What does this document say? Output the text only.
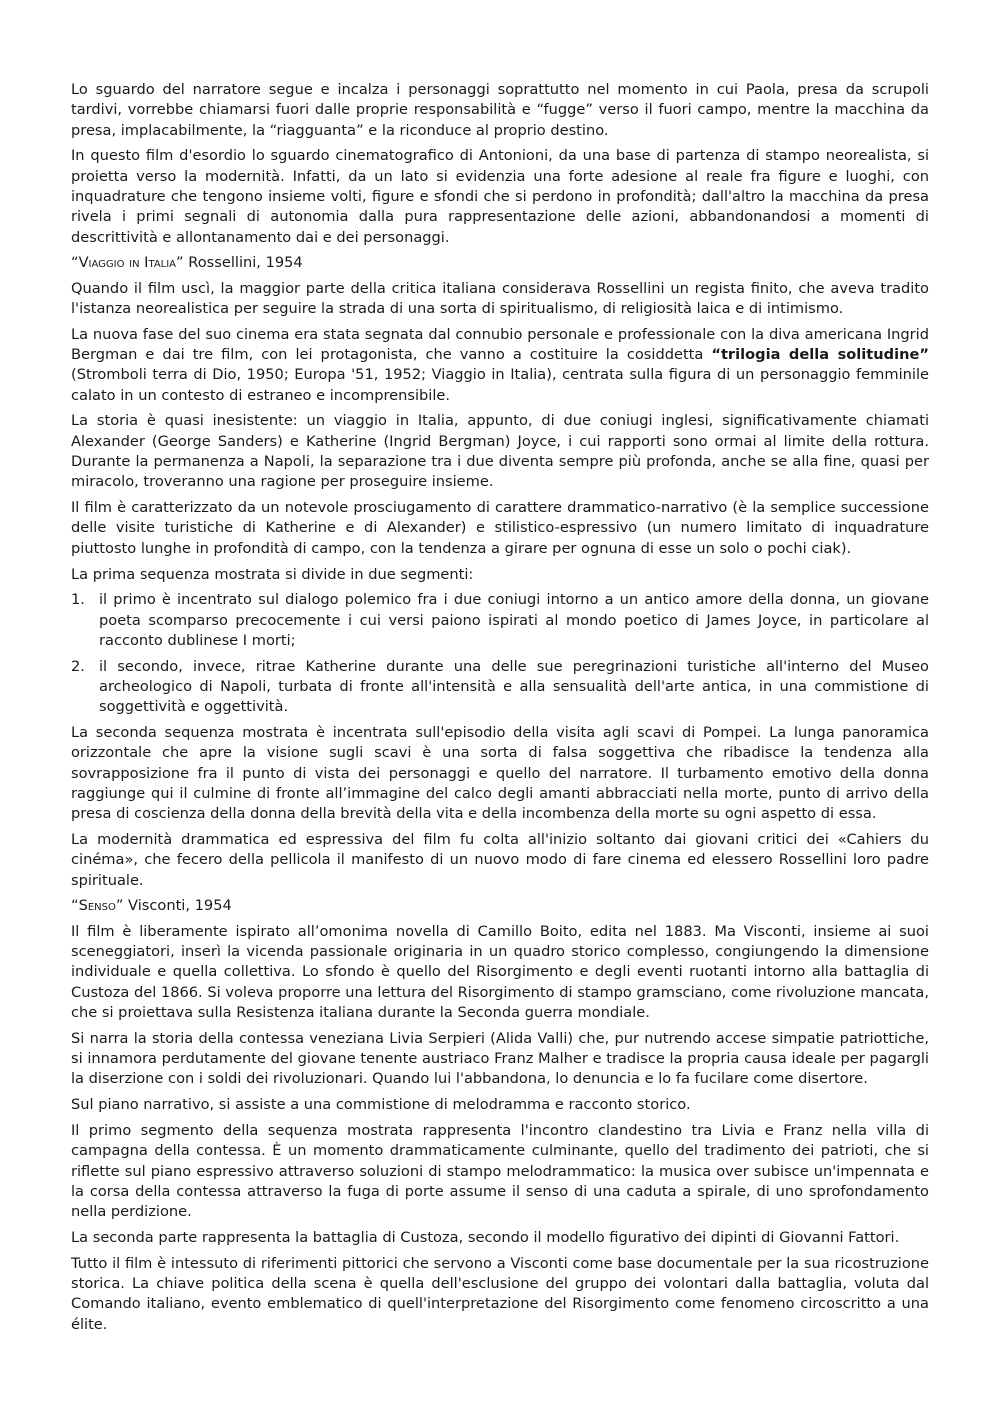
Lo sguardo del narratore segue e incalza i personaggi soprattutto nel momento in cui Paola, presa da scrupoli tardivi, vorrebbe chiamarsi fuori dalle proprie responsabilità e “fugge” verso il fuori campo, mentre la macchina da presa, implacabilmente, la “riagguanta” e la riconduce al proprio destino.

In questo film d'esordio lo sguardo cinematografico di Antonioni, da una base di partenza di stampo neorealista, si proietta verso la modernità. Infatti, da un lato si evidenzia una forte adesione al reale fra figure e luoghi, con inquadrature che tengono insieme volti, figure e sfondi che si perdono in profondità; dall'altro la macchina da presa rivela i primi segnali di autonomia dalla pura rappresentazione delle azioni, abbandonandosi a momenti di descrittività e allontanamento dai e dei personaggi.

“Viaggio in Italia” Rossellini, 1954

Quando il film uscì, la maggior parte della critica italiana considerava Rossellini un regista finito, che aveva tradito l'istanza neorealistica per seguire la strada di una sorta di spiritualismo, di religiosità laica e di intimismo.

La nuova fase del suo cinema era stata segnata dal connubio personale e professionale con la diva americana Ingrid Bergman e dai tre film, con lei protagonista, che vanno a costituire la cosiddetta “trilogia della solitudine” (Stromboli terra di Dio, 1950; Europa '51, 1952; Viaggio in Italia), centrata sulla figura di un personaggio femminile calato in un contesto di estraneo e incomprensibile.

La storia è quasi inesistente: un viaggio in Italia, appunto, di due coniugi inglesi, significativamente chiamati Alexander (George Sanders) e Katherine (Ingrid Bergman) Joyce, i cui rapporti sono ormai al limite della rottura. Durante la permanenza a Napoli, la separazione tra i due diventa sempre più profonda, anche se alla fine, quasi per miracolo, troveranno una ragione per proseguire insieme.

Il film è caratterizzato da un notevole prosciugamento di carattere drammatico-narrativo (è la semplice successione delle visite turistiche di Katherine e di Alexander) e stilistico-espressivo (un numero limitato di inquadrature piuttosto lunghe in profondità di campo, con la tendenza a girare per ognuna di esse un solo o pochi ciak).

La prima sequenza mostrata si divide in due segmenti:

1. il primo è incentrato sul dialogo polemico fra i due coniugi intorno a un antico amore della donna, un giovane poeta scomparso precocemente i cui versi paiono ispirati al mondo poetico di James Joyce, in particolare al racconto dublinese I morti;
2. il secondo, invece, ritrae Katherine durante una delle sue peregrinazioni turistiche all'interno del Museo archeologico di Napoli, turbata di fronte all'intensità e alla sensualità dell'arte antica, in una commistione di soggettività e oggettività.

La seconda sequenza mostrata è incentrata sull'episodio della visita agli scavi di Pompei. La lunga panoramica orizzontale che apre la visione sugli scavi è una sorta di falsa soggettiva che ribadisce la tendenza alla sovrapposizione fra il punto di vista dei personaggi e quello del narratore. Il turbamento emotivo della donna raggiunge qui il culmine di fronte all’immagine del calco degli amanti abbracciati nella morte, punto di arrivo della presa di coscienza della donna della brevità della vita e della incombenza della morte su ogni aspetto di essa.

La modernità drammatica ed espressiva del film fu colta all'inizio soltanto dai giovani critici dei «Cahiers du cinéma», che fecero della pellicola il manifesto di un nuovo modo di fare cinema ed elessero Rossellini loro padre spirituale.

“Senso” Visconti, 1954

Il film è liberamente ispirato all’omonima novella di Camillo Boito, edita nel 1883. Ma Visconti, insieme ai suoi sceneggiatori, inserì la vicenda passionale originaria in un quadro storico complesso, congiungendo la dimensione individuale e quella collettiva. Lo sfondo è quello del Risorgimento e degli eventi ruotanti intorno alla battaglia di Custoza del 1866. Si voleva proporre una lettura del Risorgimento di stampo gramsciano, come rivoluzione mancata, che si proiettava sulla Resistenza italiana durante la Seconda guerra mondiale.

Si narra la storia della contessa veneziana Livia Serpieri (Alida Valli) che, pur nutrendo accese simpatie patriottiche, si innamora perdutamente del giovane tenente austriaco Franz Malher e tradisce la propria causa ideale per pagargli la diserzione con i soldi dei rivoluzionari. Quando lui l'abbandona, lo denuncia e lo fa fucilare come disertore.

Sul piano narrativo, si assiste a una commistione di melodramma e racconto storico.

Il primo segmento della sequenza mostrata rappresenta l'incontro clandestino tra Livia e Franz nella villa di campagna della contessa. È un momento drammaticamente culminante, quello del tradimento dei patrioti, che si riflette sul piano espressivo attraverso soluzioni di stampo melodrammatico: la musica over subisce un'impennata e la corsa della contessa attraverso la fuga di porte assume il senso di una caduta a spirale, di uno sprofondamento nella perdizione.

La seconda parte rappresenta la battaglia di Custoza, secondo il modello figurativo dei dipinti di Giovanni Fattori.

Tutto il film è intessuto di riferimenti pittorici che servono a Visconti come base documentale per la sua ricostruzione storica. La chiave politica della scena è quella dell'esclusione del gruppo dei volontari dalla battaglia, voluta dal Comando italiano, evento emblematico di quell'interpretazione del Risorgimento come fenomeno circoscritto a una élite.
